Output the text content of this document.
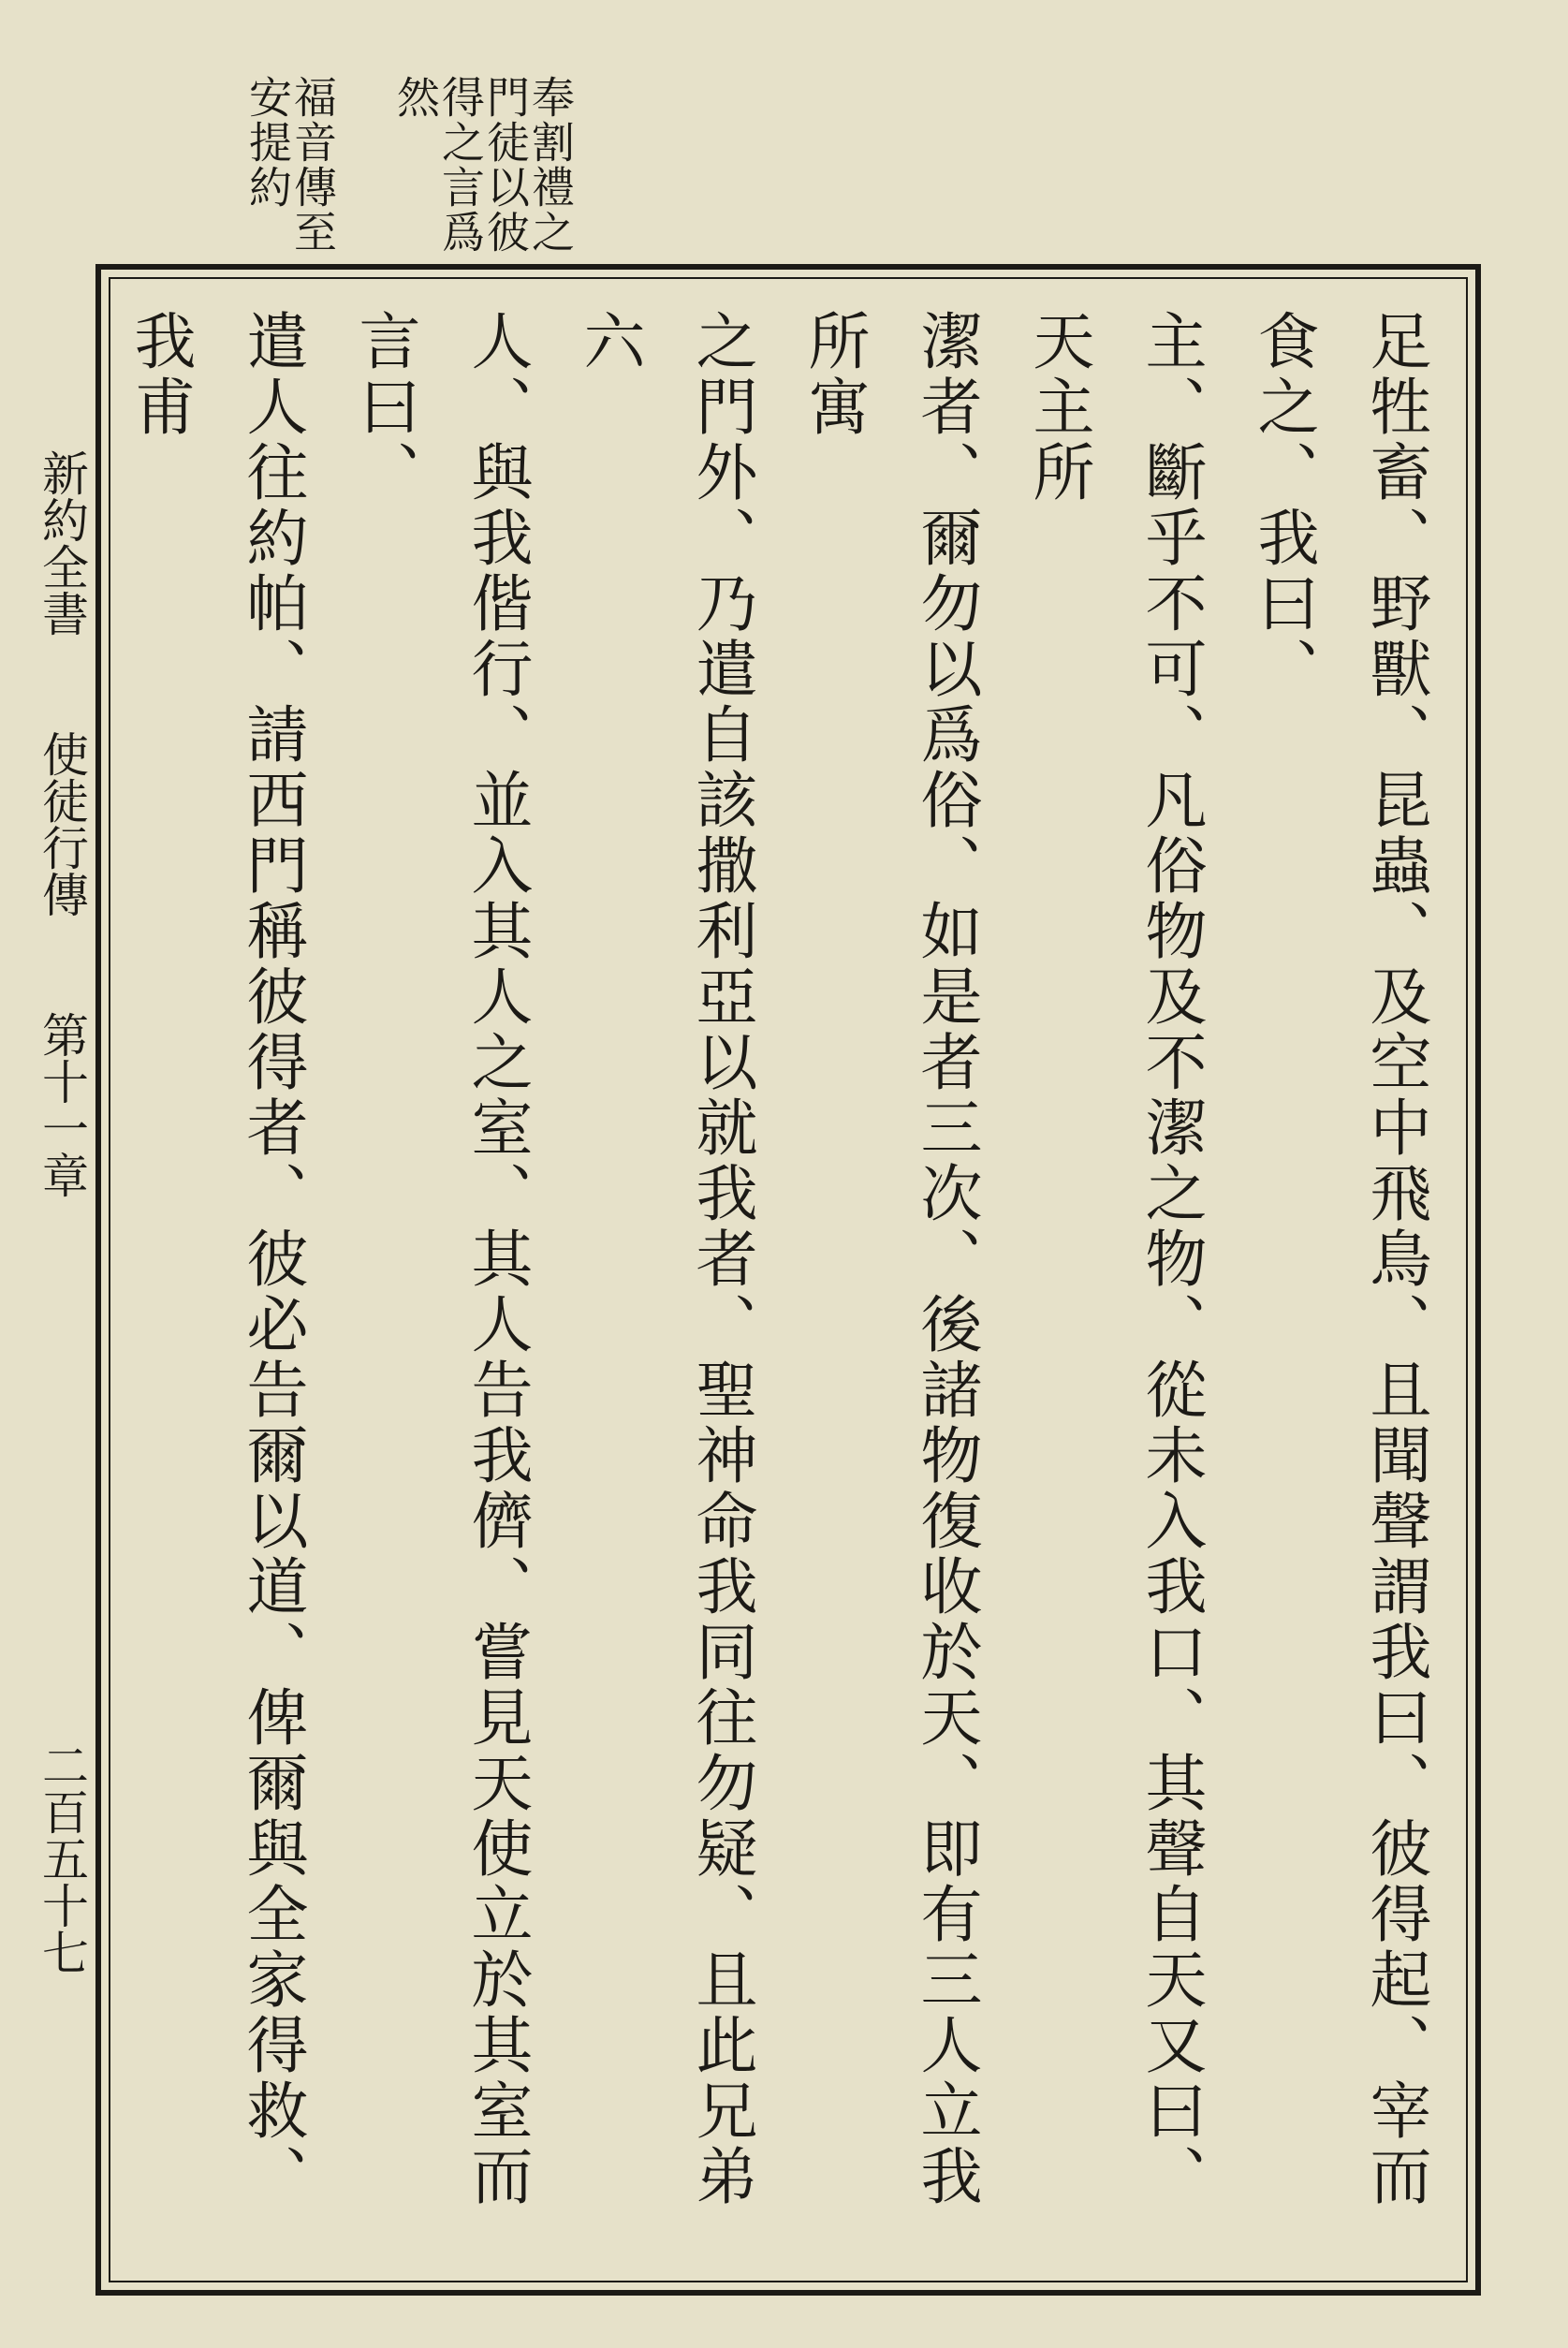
奉割禮之門徒以彼得之言爲然
福音傳至安提約
足牲畜、野獸、昆蟲、及空中飛鳥、且聞聲謂我曰、彼得起、宰而食之、我曰、
主、斷乎不可、凡俗物及不潔之物、從未入我口、其聲自天又曰、天主所
潔者、爾勿以爲俗、如是者三次、後諸物復收於天、即有三人立我所寓
之門外、乃遣自該撒利亞以就我者、聖神命我同往勿疑、且此兄弟六
人、與我偕行、並入其人之室、其人告我儕、嘗見天使立於其室而言曰、
遣人往約帕、請西門稱彼得者、彼必告爾以道、俾爾與全家得救、我甫
新約全書
使徒行傳
第十一章
二百五十七
